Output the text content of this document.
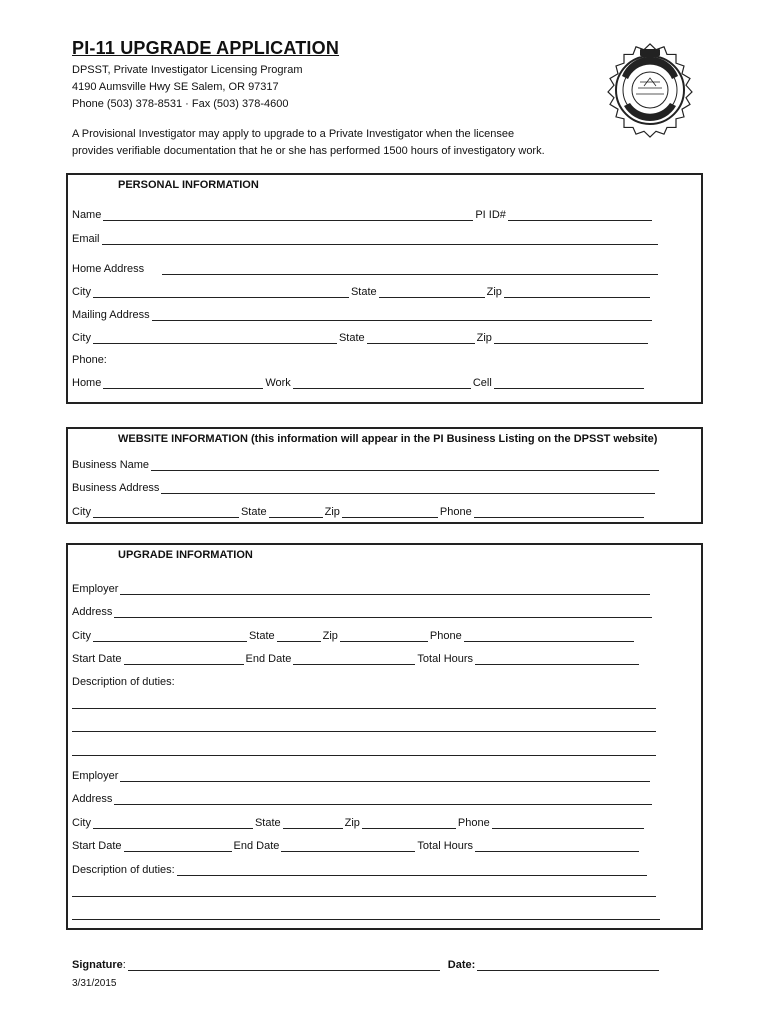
PI-11 UPGRADE APPLICATION
DPSST, Private Investigator Licensing Program
4190 Aumsville Hwy SE Salem, OR 97317
Phone (503) 378-8531 · Fax (503) 378-4600
A Provisional Investigator may apply to upgrade to a Private Investigator when the licensee
provides verifiable documentation that he or she has performed 1500 hours of investigatory work.
PERSONAL INFORMATION
Name	PI ID#
Email
Home Address
City	State	Zip
Mailing Address
City	State	Zip
Phone:
Home	Work	Cell
WEBSITE INFORMATION (this information will appear in the PI Business Listing on the DPSST website)
Business Name
Business Address
City	State	Zip	Phone
UPGRADE INFORMATION
Employer
Address
City	State	Zip	Phone
Start Date	End Date	Total Hours
Description of duties:
Employer
Address
City	State	Zip	Phone
Start Date	End Date	Total Hours
Description of duties:
Signature :	Date:
3/31/2015
